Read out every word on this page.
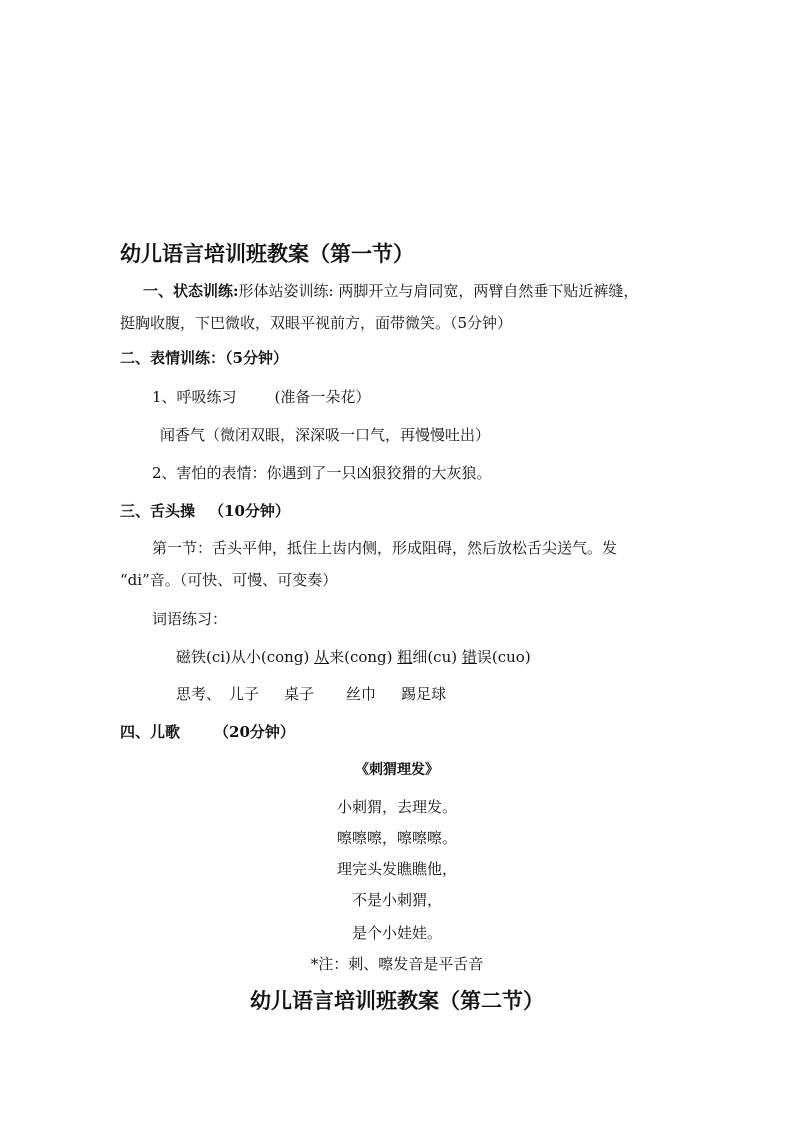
幼儿语言培训班教案（第一节）
一、状态训练:形体站姿训练: 两脚开立与肩同宽，两臂自然垂下贴近裤缝，
挺胸收腹，下巴微收，双眼平视前方，面带微笑。（5分钟）
二、表情训练：（5分钟）
1、呼吸练习	(准备一朵花）
闻香气（微闭双眼，深深吸一口气，再慢慢吐出）
2、害怕的表情：你遇到了一只凶狠狡猾的大灰狼。
三、舌头操 （10分钟）
第一节：舌头平伸，抵住上齿内侧，形成阻碍，然后放松舌尖送气。发
“di”音。（可快、可慢、可变奏）
词语练习：
磁铁(ci)从小(cong) 从来(cong) 粗细(cu) 错误(cuo)
思考、 儿子 桌子 丝巾 踢足球
四、儿歌 （20分钟）
《刺猬理发》
小刺猬，去理发。
嚓嚓嚓，嚓嚓嚓。
理完头发瞧瞧他，
不是小刺猬，
是个小娃娃。
*注：刺、嚓发音是平舌音
幼儿语言培训班教案（第二节）
